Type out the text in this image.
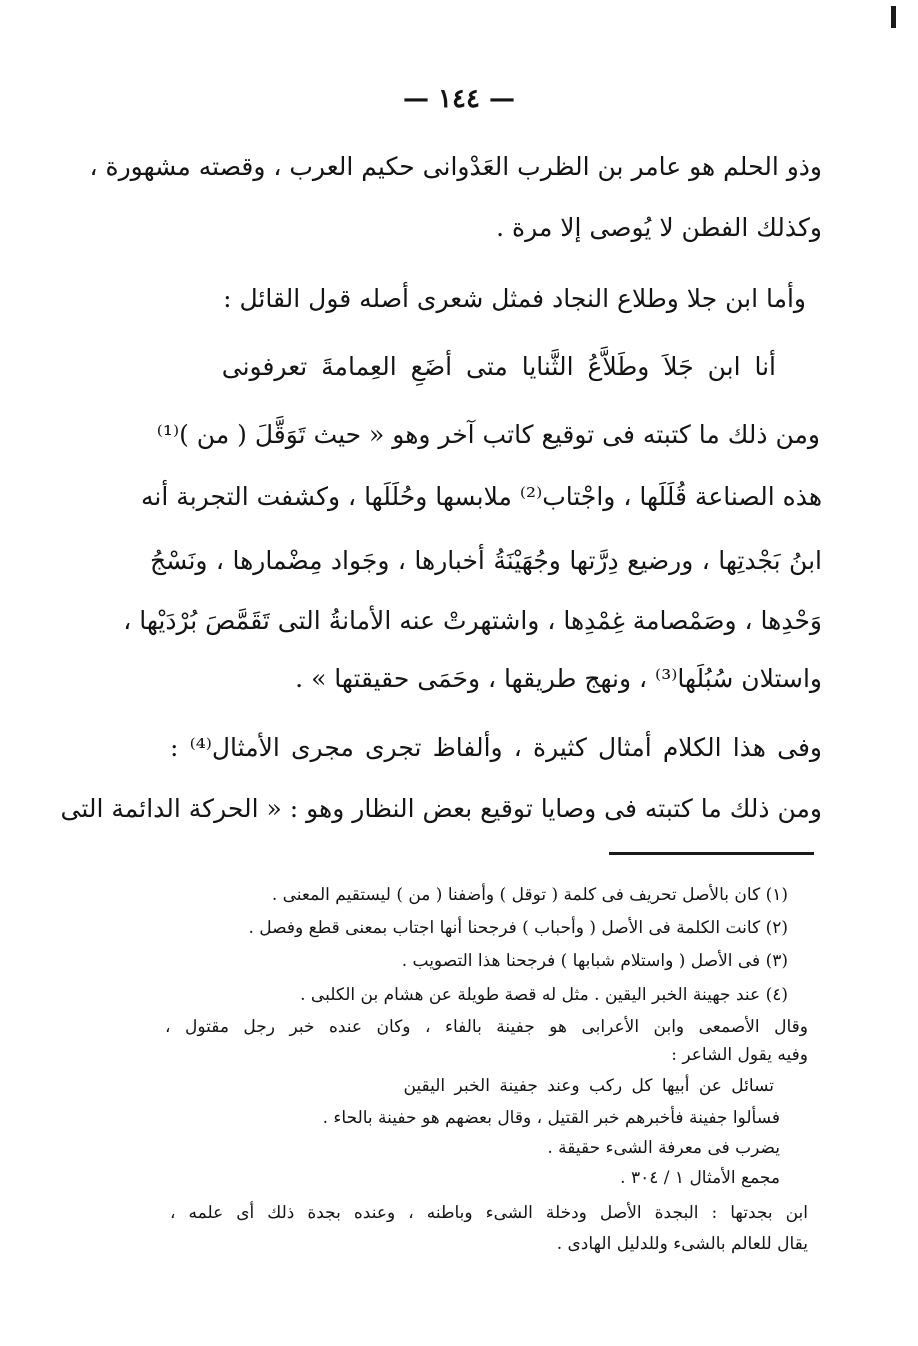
— ١٤٤ —
وذو الحلم هو عامر بن الظرب العَدْوانى حكيم العرب ، وقصته مشهورة ،
وكذلك الفطن لا يُوصى إلا مرة .
وأما ابن جلا وطلاع النجاد فمثل شعرى أصله قول القائل :
أنا ابن جَلاَ وطَلاَّعُ الثَّنايا متى أضَعِ العِمامةَ تعرفونى
ومن ذلك ما كتبته فى توقيع كاتب آخر وهو « حيث تَوَقَّلَ ( من )⁽¹⁾
هذه الصناعة قُلَلَها ، واجْتاب⁽²⁾ ملابسها وحُلَلَها ، وكشفت التجربة أنه
ابنُ بَجْدتِها ، ورضيع دِرَّتها وجُهَيْنَةُ أخبارها ، وجَواد مِضْمارها ، ونَسْجُ
وَحْدِها ، وصَمْصامة غِمْدِها ، واشتهرتْ عنه الأمانةُ التى تَقَمَّصَ بُرْدَيْها ،
واستلان سُبُلَها⁽³⁾ ، ونهج طريقها ، وحَمَى حقيقتها » .
وفى هذا الكلام أمثال كثيرة ، وألفاظ تجرى مجرى الأمثال⁽⁴⁾ :
ومن ذلك ما كتبته فى وصايا توقيع بعض النظار وهو : « الحركة الدائمة التى
(١) كان بالأصل تحريف فى كلمة ( توقل ) وأضفنا ( من ) ليستقيم المعنى .
(٢) كانت الكلمة فى الأصل ( وأحباب ) فرجحنا أنها اجتاب بمعنى قطع وفصل .
(٣) فى الأصل ( واستلام شبابها ) فرجحنا هذا التصويب .
(٤) عند جهينة الخبر اليقين . مثل له قصة طويلة عن هشام بن الكلبى .
وقال الأصمعى وابن الأعرابى هو جفينة بالفاء ، وكان عنده خبر رجل مقتول ،
وفيه يقول الشاعر :
تسائل عن أبيها كل ركب وعند جفينة الخبر اليقين
فسألوا جفينة فأخبرهم خبر القتيل ، وقال بعضهم هو حفينة بالحاء .
يضرب فى معرفة الشىء حقيقة .
مجمع الأمثال ١ / ٣٠٤ .
ابن بجدتها : البجدة الأصل ودخلة الشىء وباطنه ، وعنده بجدة ذلك أى علمه ،
يقال للعالم بالشىء وللدليل الهادى .
